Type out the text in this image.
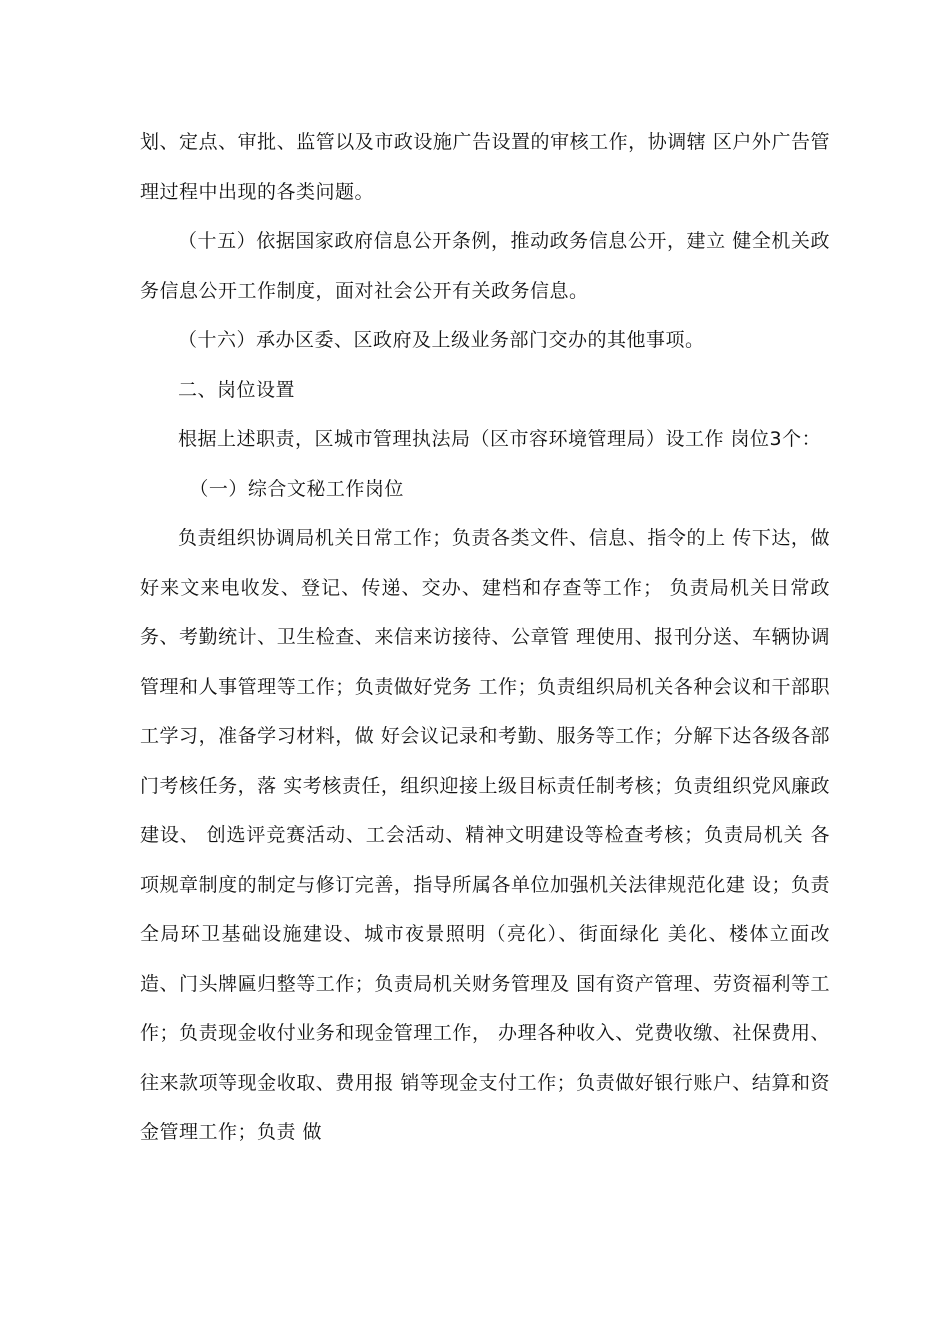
划、定点、审批、监管以及市政设施广告设置的审核工作，协调辖 区户外广告管理过程中出现的各类问题。

（十五）依据国家政府信息公开条例，推动政务信息公开，建立 健全机关政务信息公开工作制度，面对社会公开有关政务信息。

（十六）承办区委、区政府及上级业务部门交办的其他事项。

二、岗位设置

根据上述职责，区城市管理执法局（区市容环境管理局）设工作 岗位3个：

（一）综合文秘工作岗位

负责组织协调局机关日常工作；负责各类文件、信息、指令的上 传下达，做好来文来电收发、登记、传递、交办、建档和存查等工作； 负责局机关日常政务、考勤统计、卫生检查、来信来访接待、公章管 理使用、报刊分送、车辆协调管理和人事管理等工作；负责做好党务 工作；负责组织局机关各种会议和干部职工学习，准备学习材料，做 好会议记录和考勤、服务等工作；分解下达各级各部门考核任务，落 实考核责任，组织迎接上级目标责任制考核；负责组织党风廉政建设、 创选评竞赛活动、工会活动、精神文明建设等检查考核；负责局机关 各项规章制度的制定与修订完善，指导所属各单位加强机关法律规范化建 设；负责全局环卫基础设施建设、城市夜景照明（亮化）、街面绿化 美化、楼体立面改造、门头牌匾归整等工作；负责局机关财务管理及 国有资产管理、劳资福利等工作；负责现金收付业务和现金管理工作， 办理各种收入、党费收缴、社保费用、往来款项等现金收取、费用报 销等现金支付工作；负责做好银行账户、结算和资金管理工作；负责 做
